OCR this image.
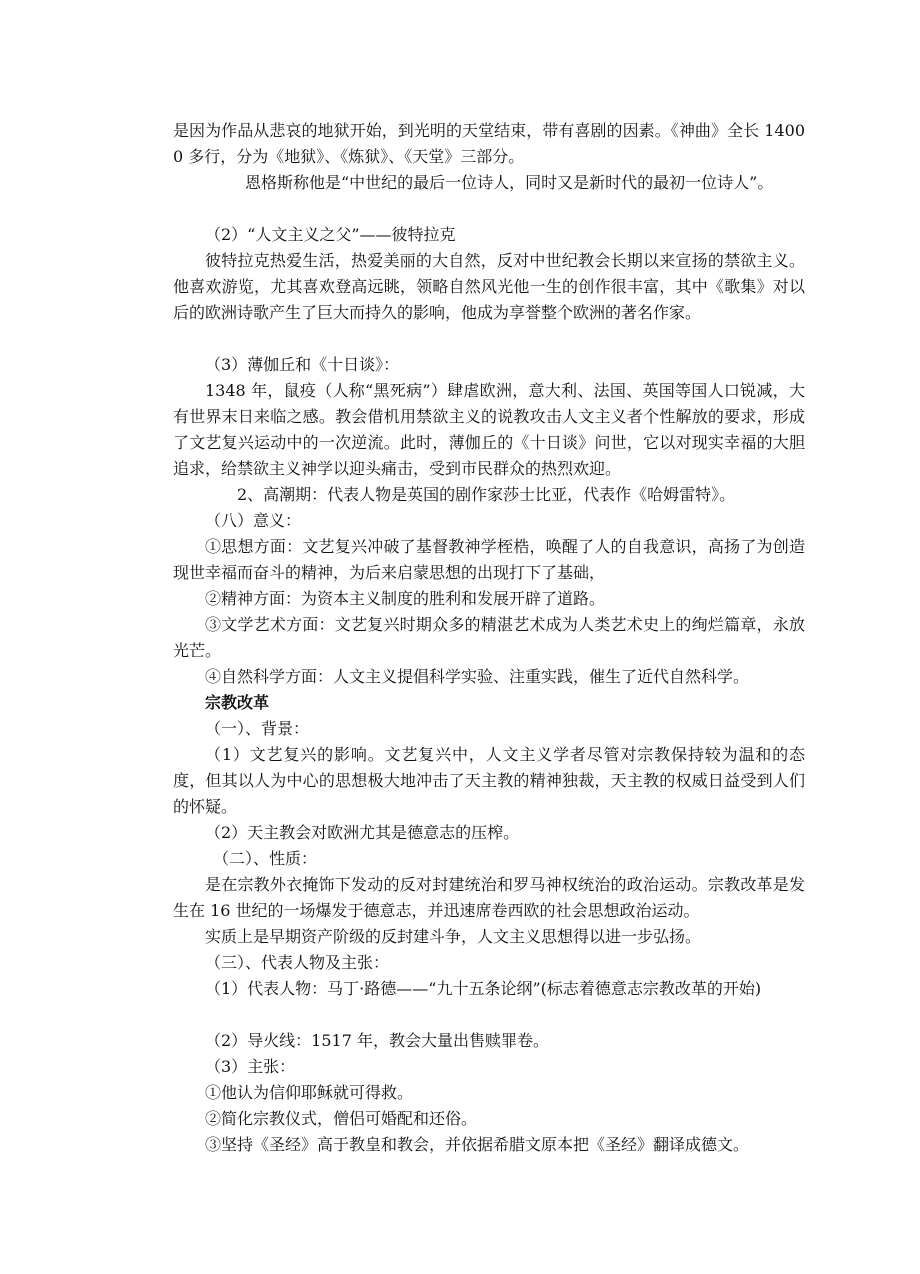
是因为作品从悲哀的地狱开始，到光明的天堂结束，带有喜剧的因素。《神曲》全长 14000 多行，分为《地狱》、《炼狱》、《天堂》三部分。

恩格斯称他是“中世纪的最后一位诗人，同时又是新时代的最初一位诗人”。

（2）“人文主义之父”——彼特拉克

彼特拉克热爱生活，热爱美丽的大自然，反对中世纪教会长期以来宣扬的禁欲主义。他喜欢游览，尤其喜欢登高远眺，领略自然风光他一生的创作很丰富，其中《歌集》对以后的欧洲诗歌产生了巨大而持久的影响，他成为享誉整个欧洲的著名作家。

（3）薄伽丘和《十日谈》：

1348 年，鼠疫（人称“黑死病”）肆虐欧洲，意大利、法国、英国等国人口锐减，大有世界末日来临之感。教会借机用禁欲主义的说教攻击人文主义者个性解放的要求，形成了文艺复兴运动中的一次逆流。此时，薄伽丘的《十日谈》问世，它以对现实幸福的大胆追求，给禁欲主义神学以迎头痛击，受到市民群众的热烈欢迎。

2、高潮期：代表人物是英国的剧作家莎士比亚，代表作《哈姆雷特》。

（八）意义：

①思想方面：文艺复兴冲破了基督教神学桎梏，唤醒了人的自我意识，高扬了为创造现世幸福而奋斗的精神，为后来启蒙思想的出现打下了基础，

②精神方面：为资本主义制度的胜利和发展开辟了道路。

③文学艺术方面：文艺复兴时期众多的精湛艺术成为人类艺术史上的绚烂篇章，永放光芒。

④自然科学方面：人文主义提倡科学实验、注重实践，催生了近代自然科学。

宗教改革

（一）、背景：

（1）文艺复兴的影响。文艺复兴中，人文主义学者尽管对宗教保持较为温和的态度，但其以人为中心的思想极大地冲击了天主教的精神独裁，天主教的权威日益受到人们的怀疑。

（2）天主教会对欧洲尤其是德意志的压榨。

（二）、性质：

是在宗教外衣掩饰下发动的反对封建统治和罗马神权统治的政治运动。宗教改革是发生在 16 世纪的一场爆发于德意志，并迅速席卷西欧的社会思想政治运动。

实质上是早期资产阶级的反封建斗争，人文主义思想得以进一步弘扬。

（三）、代表人物及主张：

（1）代表人物：马丁·路德——“九十五条论纲”(标志着德意志宗教改革的开始)

（2）导火线：1517 年，教会大量出售赎罪卷。

（3）主张：

①他认为信仰耶稣就可得救。

②简化宗教仪式，僧侣可婚配和还俗。

③坚持《圣经》高于教皇和教会，并依据希腊文原本把《圣经》翻译成德文。
